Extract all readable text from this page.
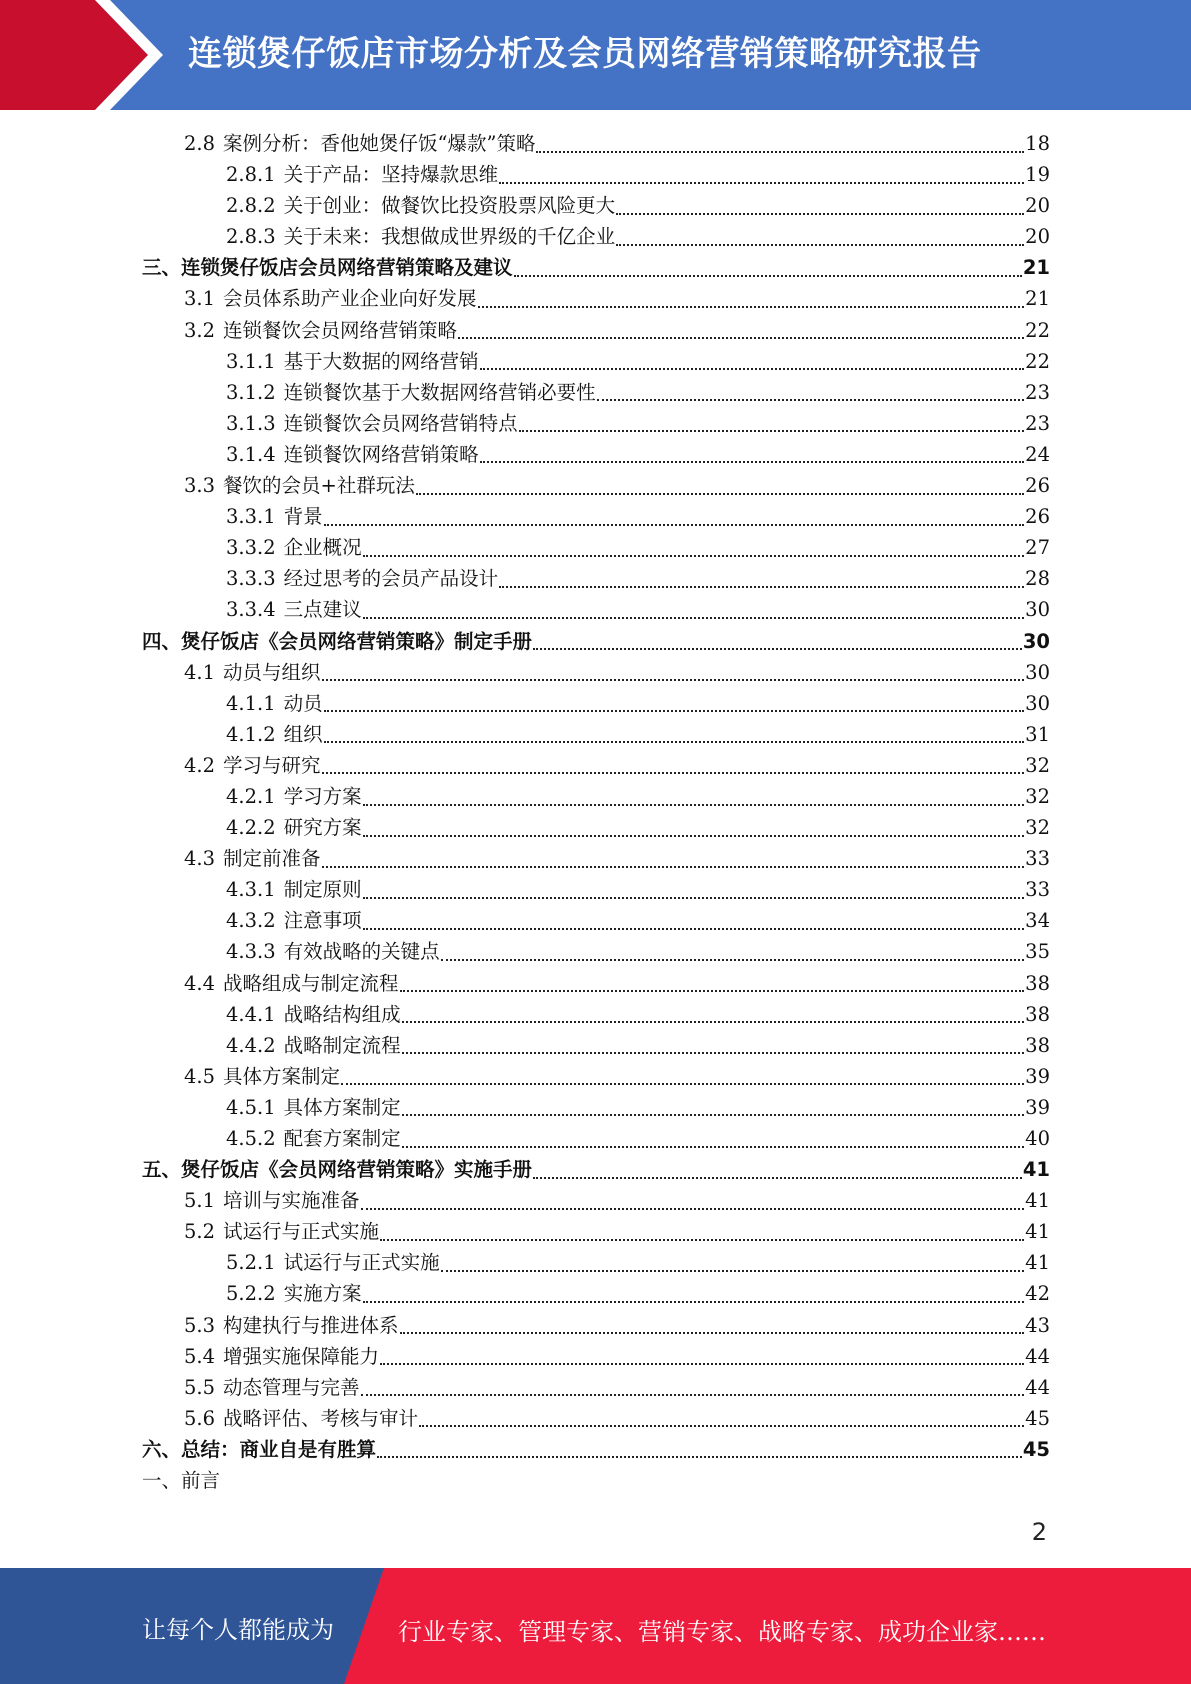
连锁煲仔饭店市场分析及会员网络营销策略研究报告
2.8 案例分析：香他她煲仔饭“爆款”策略	18
2.8.1 关于产品：坚持爆款思维	19
2.8.2 关于创业：做餐饮比投资股票风险更大	20
2.8.3 关于未来：我想做成世界级的千亿企业	20
三、连锁煲仔饭店会员网络营销策略及建议	21
3.1 会员体系助产业企业向好发展	21
3.2 连锁餐饮会员网络营销策略	22
3.1.1 基于大数据的网络营销	22
3.1.2 连锁餐饮基于大数据网络营销必要性	23
3.1.3 连锁餐饮会员网络营销特点	23
3.1.4 连锁餐饮网络营销策略	24
3.3 餐饮的会员+社群玩法	26
3.3.1 背景	26
3.3.2 企业概况	27
3.3.3 经过思考的会员产品设计	28
3.3.4 三点建议	30
四、煲仔饭店《会员网络营销策略》制定手册	30
4.1 动员与组织	30
4.1.1 动员	30
4.1.2 组织	31
4.2 学习与研究	32
4.2.1 学习方案	32
4.2.2 研究方案	32
4.3 制定前准备	33
4.3.1 制定原则	33
4.3.2 注意事项	34
4.3.3 有效战略的关键点	35
4.4 战略组成与制定流程	38
4.4.1 战略结构组成	38
4.4.2 战略制定流程	38
4.5 具体方案制定	39
4.5.1 具体方案制定	39
4.5.2 配套方案制定	40
五、煲仔饭店《会员网络营销策略》实施手册	41
5.1 培训与实施准备	41
5.2 试运行与正式实施	41
5.2.1 试运行与正式实施	41
5.2.2 实施方案	42
5.3 构建执行与推进体系	43
5.4 增强实施保障能力	44
5.5 动态管理与完善	44
5.6 战略评估、考核与审计	45
六、总结：商业自是有胜算	45
一、前言
2
让每个人都能成为	行业专家、管理专家、营销专家、战略专家、成功企业家……
